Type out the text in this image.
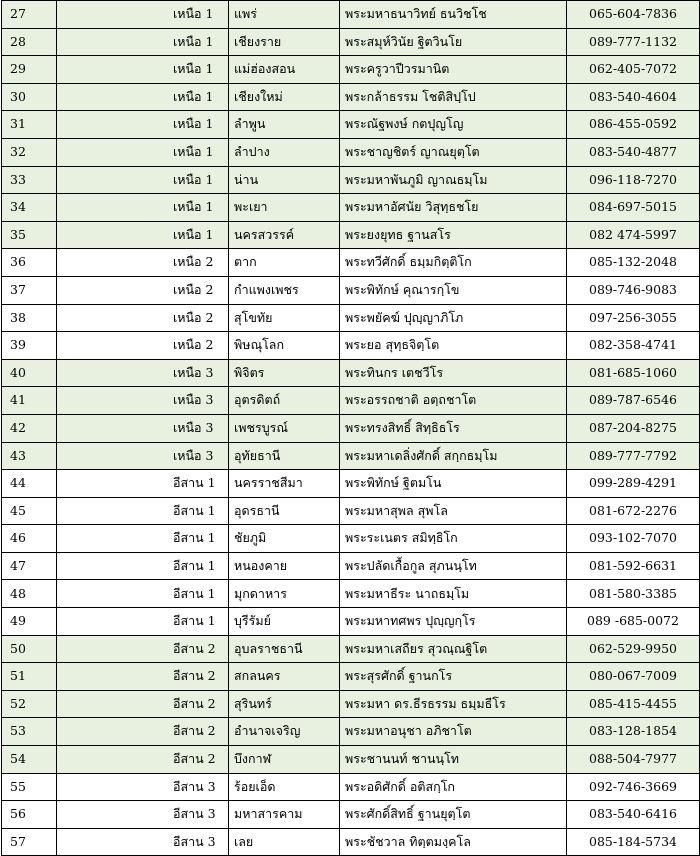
27	เหนือ 1	แพร่	พระมหาธนาวิทย์ ธนวิชโช	065-604-7836
28	เหนือ 1	เชียงราย	พระสมุห์วินัย ฐิตวินโย	089-777-1132
29	เหนือ 1	แม่ฮ่องสอน	พระครูวาปีวรมานิต	062-405-7072
30	เหนือ 1	เชียงใหม่	พระกล้าธรรม โชติสิปฺโป	083-540-4604
31	เหนือ 1	ลำพูน	พระณัฐพงษ์ กตปุญโญ	086-455-0592
32	เหนือ 1	ลำปาง	พระชาญชิตร์ ญาณยุตฺโต	083-540-4877
33	เหนือ 1	น่าน	พระมหาพันภูมิ ญาณธมฺโม	096-118-7270
34	เหนือ 1	พะเยา	พระมหาอัศนัย วิสุทฺธชโย	084-697-5015
35	เหนือ 1	นครสวรรค์	พระยงยุทธ ฐานสโร	082 474-5997
36	เหนือ 2	ตาก	พระทวีศักดิ์ ธมฺมกิตฺติโก	085-132-2048
37	เหนือ 2	กำแพงเพชร	พระพิทักษ์ คุณารกฺโข	089-746-9083
38	เหนือ 2	สุโขทัย	พระพยัคฆ์ ปุญฺญาภิโภ	097-256-3055
39	เหนือ 2	พิษณุโลก	พระยอ สุทฺธจิตฺโต	082-358-4741
40	เหนือ 3	พิจิตร	พระทินกร เตชวีโร	081-685-1060
41	เหนือ 3	อุตรดิตถ์	พระอรรถชาติ อตฺถชาโต	089-787-6546
42	เหนือ 3	เพชรบูรณ์	พระทรงสิทธิ์ สิทฺธิธโร	087-204-8275
43	เหนือ 3	อุทัยธานี	พระมหาเดลิ่งศักดิ์ สกฺกธมฺโม	089-777-7792
44	อีสาน 1	นครราชสีมา	พระพิทักษ์ ฐิตมโน	099-289-4291
45	อีสาน 1	อุดรธานี	พระมหาสุพล สุพโล	081-672-2276
46	อีสาน 1	ชัยภูมิ	พระระเนตร สมิทฺธิโก	093-102-7070
47	อีสาน 1	หนองคาย	พระปลัดเกื้อกูล สุภนนฺโท	081-592-6631
48	อีสาน 1	มุกดาหาร	พระมหาธีระ นาถธมฺโม	081-580-3385
49	อีสาน 1	บุรีรัมย์	พระมหาทศพร ปุญฺญกฺโร	089 -685-0072
50	อีสาน 2	อุบลราชธานี	พระมหาเสถียร สุวณฺณฐิโต	062-529-9950
51	อีสาน 2	สกลนคร	พระสุรศักดิ์ ฐานกโร	080-067-7009
52	อีสาน 2	สุรินทร์	พระมหา ดร.ธีรธรรม ธมฺมธีโร	085-415-4455
53	อีสาน 2	อำนาจเจริญ	พระมหาอนุชา อภิชาโต	083-128-1854
54	อีสาน 2	บึงกาฬ	พระชานนท์ ชานนฺโท	088-504-7977
55	อีสาน 3	ร้อยเอ็ด	พระอดิศักดิ์ อติสกฺโก	092-746-3669
56	อีสาน 3	มหาสารคาม	พระศักดิ์สิทธิ์ ฐานยุตฺโต	083-540-6416
57	อีสาน 3	เลย	พระชัชวาล ทิตฺตมงฺคโล	085-184-5734
